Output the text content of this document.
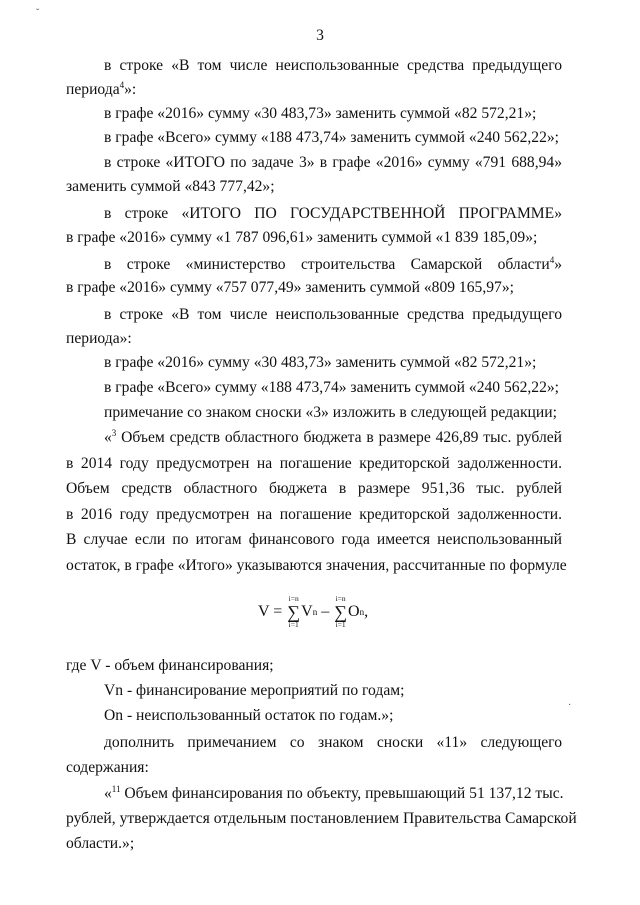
ˇ
3
в строке «В том числе неиспользованные средства предыдущего
периода$^4$»:
в графе «2016» сумму «30 483,73» заменить суммой «82 572,21»;
в графе «Всего» сумму «188 473,74» заменить суммой «240 562,22»;
в строке «ИТОГО по задаче 3» в графе «2016» сумму «791 688,94»
заменить суммой «843 777,42»;
в строке «ИТОГО ПО ГОСУДАРСТВЕННОЙ ПРОГРАММЕ»
в графе «2016» сумму «1 787 096,61» заменить суммой «1 839 185,09»;
в строке «министерство строительства Самарской области$^4$»
в графе «2016» сумму «757 077,49» заменить суммой «809 165,97»;
в строке «В том числе неиспользованные средства предыдущего
периода»:
в графе «2016» сумму «30 483,73» заменить суммой «82 572,21»;
в графе «Всего» сумму «188 473,74» заменить суммой «240 562,22»;
примечание со знаком сноски «3» изложить в следующей редакции;
«$^3$ Объем средств областного бюджета в размере 426,89 тыс. рублей
в 2014 году предусмотрен на погашение кредиторской задолженности.
Объем средств областного бюджета в размере 951,36 тыс. рублей
в 2016 году предусмотрен на погашение кредиторской задолженности.
В случае если по итогам финансового года имеется неиспользованный
остаток, в графе «Итого» указываются значения, рассчитанные по формуле
V =

i=n
∑
i=1
V n
–

i=n
∑
i=1
O n ,
где V - объем финансирования;
Vn - финансирование мероприятий по годам;
On - неиспользованный остаток по годам.»;
·
дополнить примечанием со знаком сноски «11» следующего
содержания:
«$^{11}$ Объем финансирования по объекту, превышающий 51 137,12 тыс.
рублей, утверждается отдельным постановлением Правительства Самарской
области.»;
